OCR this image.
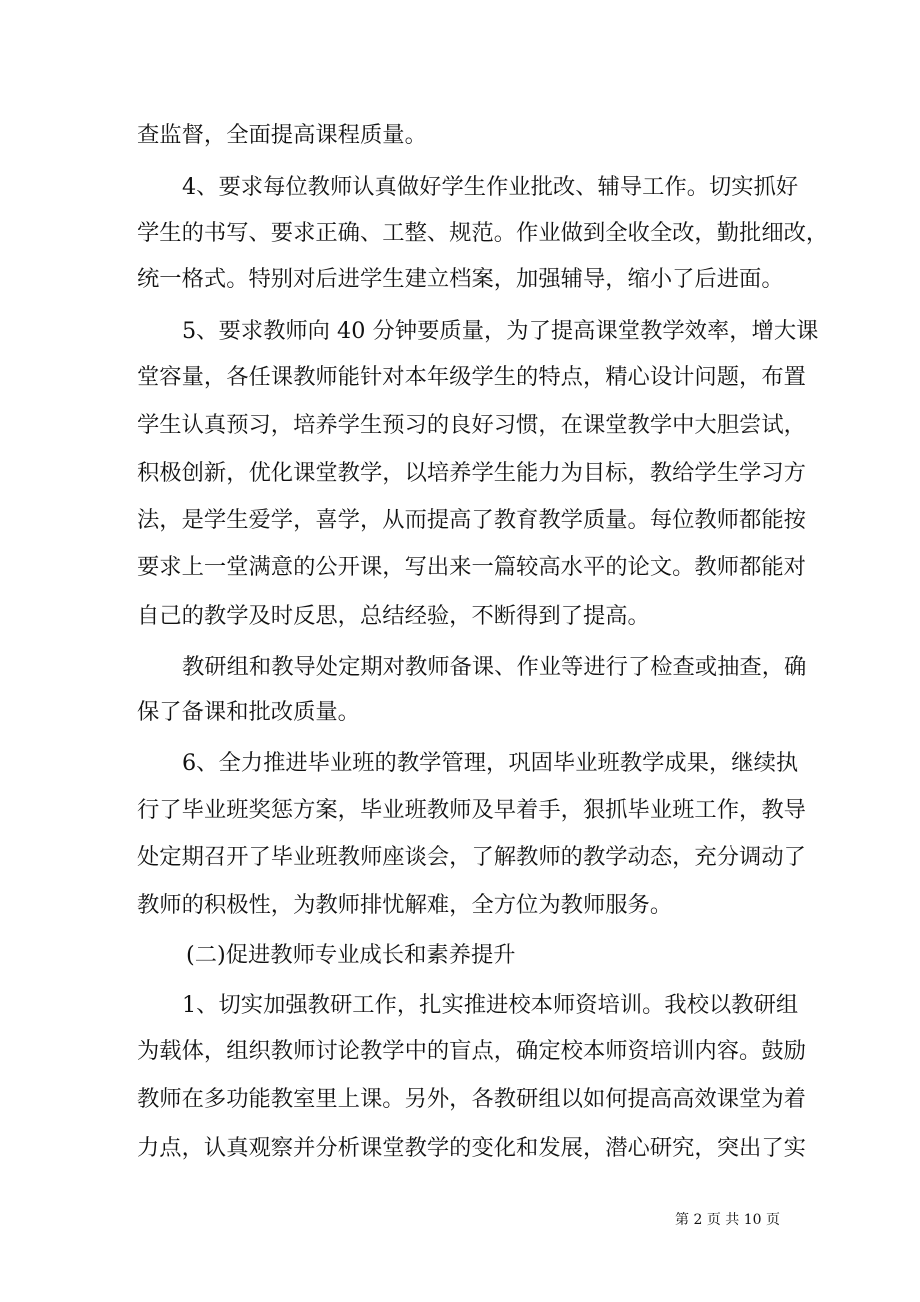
查监督，全面提高课程质量。

4、要求每位教师认真做好学生作业批改、辅导工作。切实抓好

学生的书写、要求正确、工整、规范。作业做到全收全改，勤批细改，

统一格式。特别对后进学生建立档案，加强辅导，缩小了后进面。

5、要求教师向 40 分钟要质量，为了提高课堂教学效率，增大课

堂容量，各任课教师能针对本年级学生的特点，精心设计问题，布置

学生认真预习，培养学生预习的良好习惯，在课堂教学中大胆尝试，

积极创新，优化课堂教学，以培养学生能力为目标，教给学生学习方

法，是学生爱学，喜学，从而提高了教育教学质量。每位教师都能按

要求上一堂满意的公开课，写出来一篇较高水平的论文。教师都能对

自己的教学及时反思，总结经验，不断得到了提高。

教研组和教导处定期对教师备课、作业等进行了检查或抽查，确

保了备课和批改质量。

6、全力推进毕业班的教学管理，巩固毕业班教学成果，继续执

行了毕业班奖惩方案，毕业班教师及早着手，狠抓毕业班工作，教导

处定期召开了毕业班教师座谈会，了解教师的教学动态，充分调动了

教师的积极性，为教师排忧解难，全方位为教师服务。

(二)促进教师专业成长和素养提升

1、切实加强教研工作，扎实推进校本师资培训。我校以教研组

为载体，组织教师讨论教学中的盲点，确定校本师资培训内容。鼓励

教师在多功能教室里上课。另外，各教研组以如何提高高效课堂为着

力点，认真观察并分析课堂教学的变化和发展，潜心研究，突出了实

第 2 页 共 10 页
